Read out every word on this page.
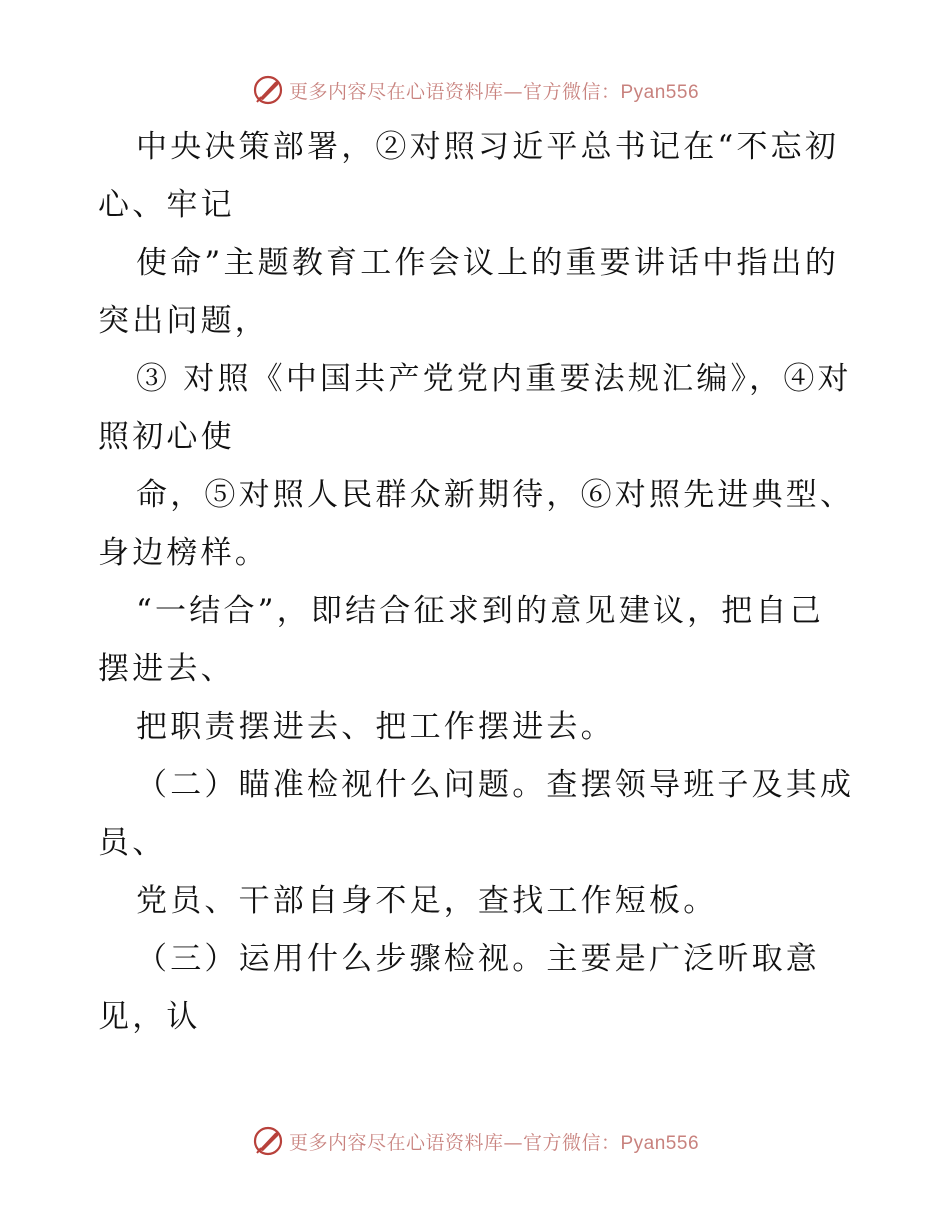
更多内容尽在心语资料库—官方微信：Pyan556

中央决策部署，②对照习近平总书记在“不忘初心、牢记

使命”主题教育工作会议上的重要讲话中指出的突出问题，

③ 对照《中国共产党党内重要法规汇编》，④对照初心使

命，⑤对照人民群众新期待，⑥对照先进典型、身边榜样。

“一结合”，即结合征求到的意见建议，把自己摆进去、

把职责摆进去、把工作摆进去。

（二）瞄准检视什么问题。查摆领导班子及其成员、

党员、干部自身不足，查找工作短板。

（三）运用什么步骤检视。主要是广泛听取意见，认

更多内容尽在心语资料库—官方微信：Pyan556
